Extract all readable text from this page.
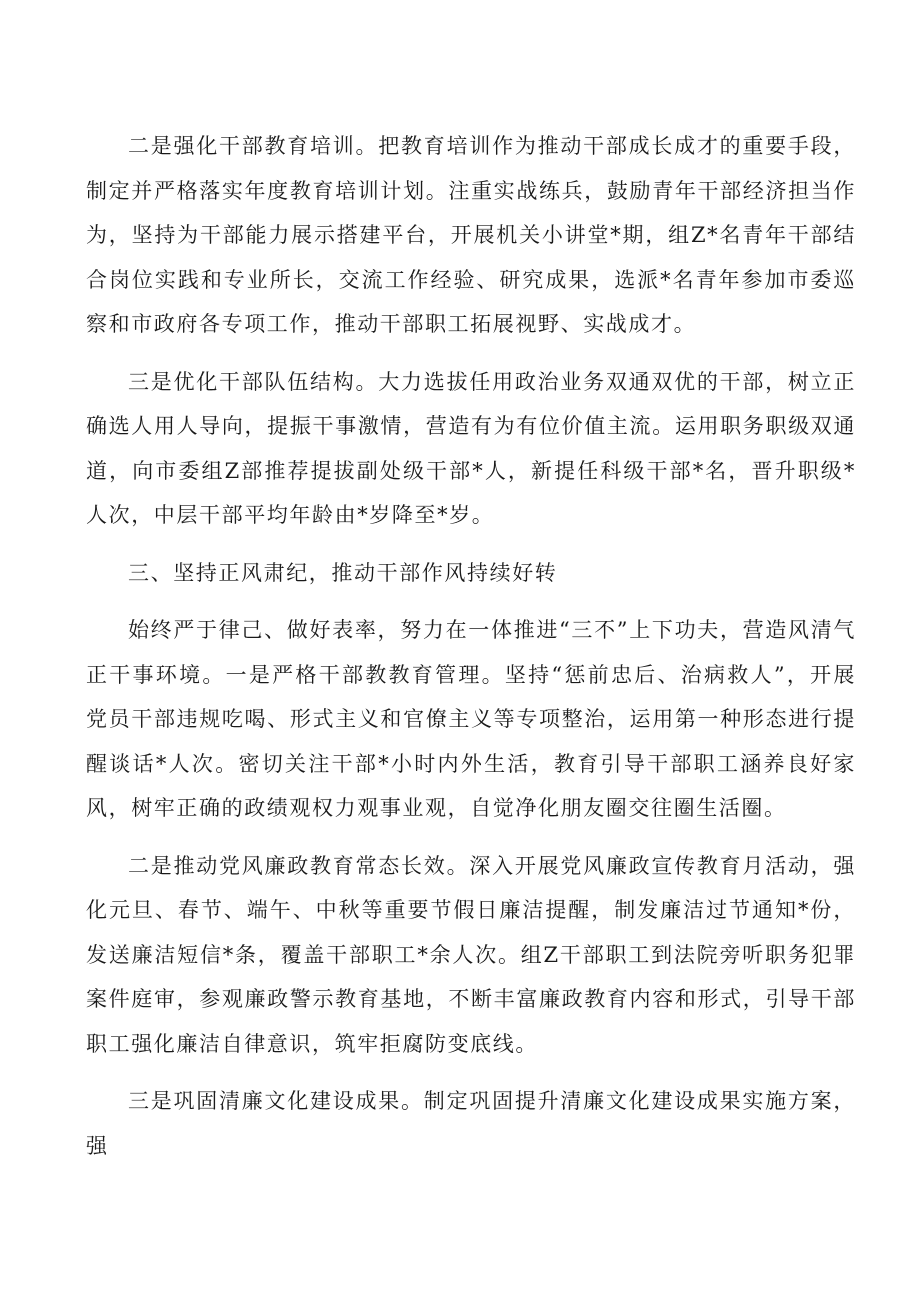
二是强化干部教育培训。把教育培训作为推动干部成长成才的重要手段，制定并严格落实年度教育培训计划。注重实战练兵，鼓励青年干部经济担当作为，坚持为干部能力展示搭建平台，开展机关小讲堂*期，组Z*名青年干部结合岗位实践和专业所长，交流工作经验、研究成果，选派*名青年参加市委巡察和市政府各专项工作，推动干部职工拓展视野、实战成才。

三是优化干部队伍结构。大力选拔任用政治业务双通双优的干部，树立正确选人用人导向，提振干事激情，营造有为有位价值主流。运用职务职级双通道，向市委组Z部推荐提拔副处级干部*人，新提任科级干部*名，晋升职级*人次，中层干部平均年龄由*岁降至*岁。

三、坚持正风肃纪，推动干部作风持续好转

始终严于律己、做好表率，努力在一体推进“三不”上下功夫，营造风清气正干事环境。一是严格干部教教育管理。坚持“惩前忠后、治病救人”，开展党员干部违规吃喝、形式主义和官僚主义等专项整治，运用第一种形态进行提醒谈话*人次。密切关注干部*小时内外生活，教育引导干部职工涵养良好家风，树牢正确的政绩观权力观事业观，自觉净化朋友圈交往圈生活圈。

二是推动党风廉政教育常态长效。深入开展党风廉政宣传教育月活动，强化元旦、春节、端午、中秋等重要节假日廉洁提醒，制发廉洁过节通知*份，发送廉洁短信*条，覆盖干部职工*余人次。组Z干部职工到法院旁听职务犯罪案件庭审，参观廉政警示教育基地，不断丰富廉政教育内容和形式，引导干部职工强化廉洁自律意识，筑牢拒腐防变底线。

三是巩固清廉文化建设成果。制定巩固提升清廉文化建设成果实施方案，强
